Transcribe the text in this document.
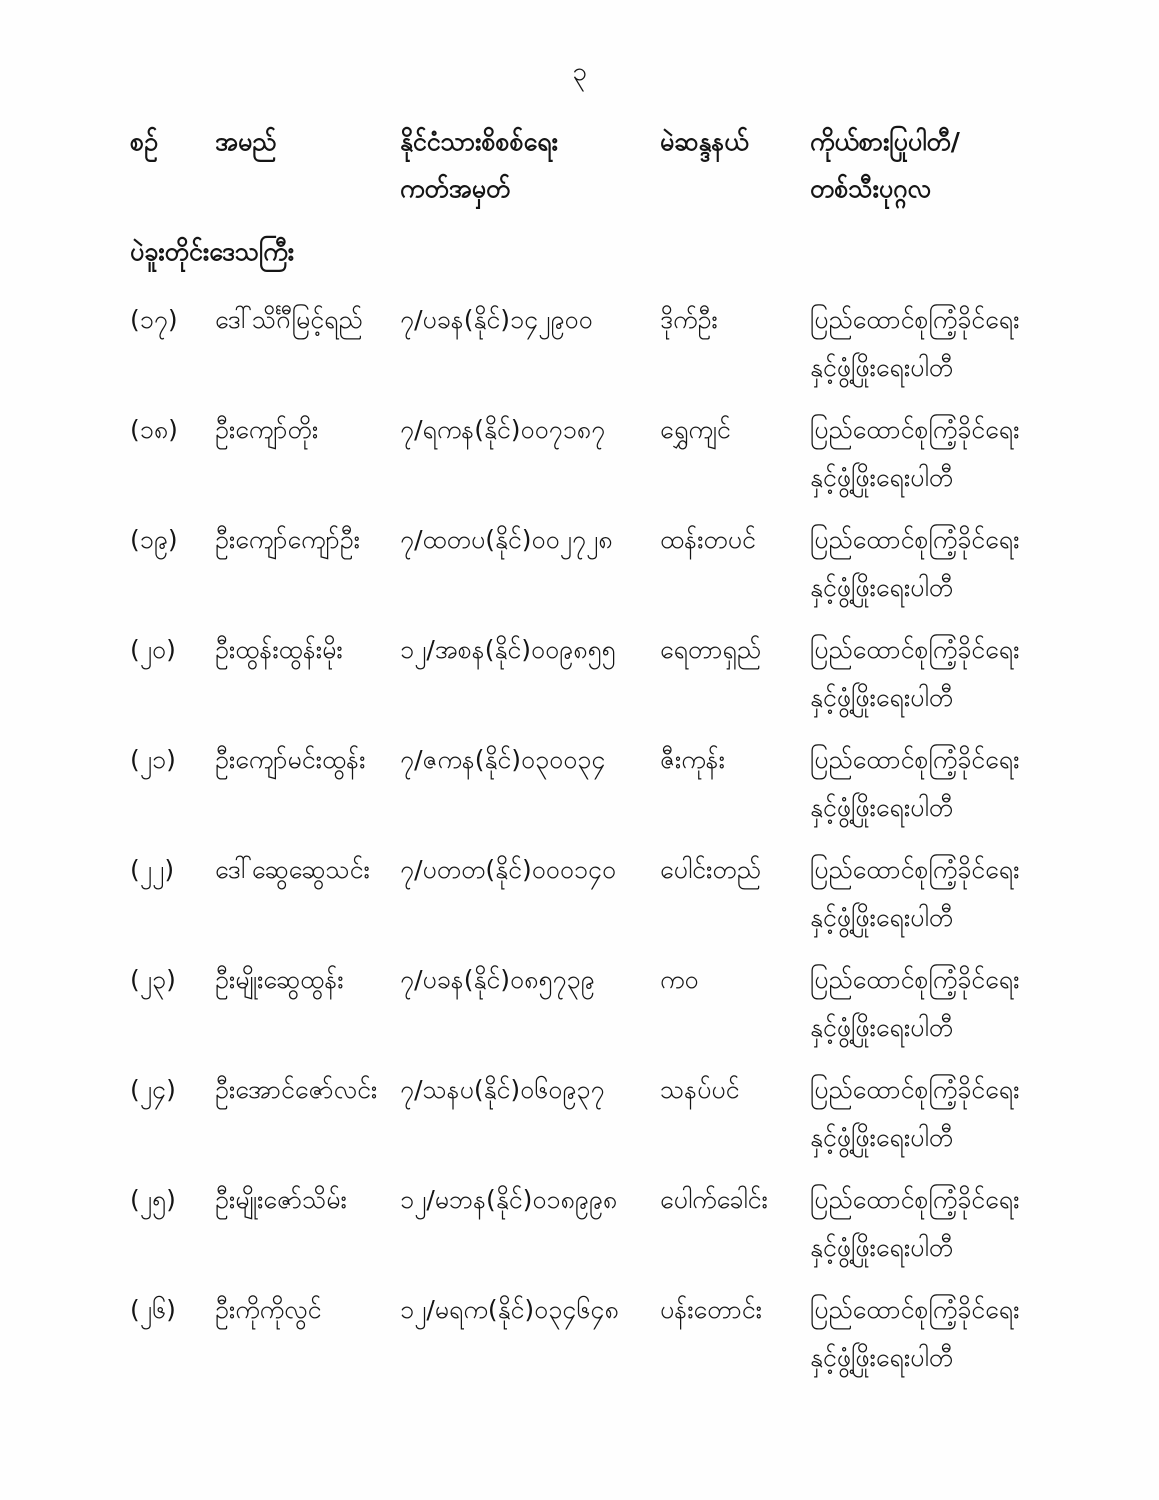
၃
စဉ်	အမည်	နိုင်ငံသားစိစစ်ရေး
ကတ်အမှတ်
မဲဆန္ဒနယ်	ကိုယ်စားပြုပါတီ/
တစ်သီးပုဂ္ဂလ
ပဲခူးတိုင်းဒေသကြီး
(၁၇)	ဒေါ်သိင်္ဂီမြင့်ရည်	၇/ပခန(နိုင်)၁၄၂၉၀၀	ဒိုက်ဦး	ပြည်ထောင်စုကြံ့ခိုင်ရေး
နှင့်ဖွံ့ဖြိုးရေးပါတီ
(၁၈)	ဦးကျော်တိုး	၇/ရကန(နိုင်)၀၀၇၁၈၇	ရွှေကျင်	ပြည်ထောင်စုကြံ့ခိုင်ရေး
နှင့်ဖွံ့ဖြိုးရေးပါတီ
(၁၉)	ဦးကျော်ကျော်ဦး	၇/ထတပ(နိုင်)၀၀၂၇၂၈	ထန်းတပင်	ပြည်ထောင်စုကြံ့ခိုင်ရေး
နှင့်ဖွံ့ဖြိုးရေးပါတီ
(၂၀)	ဦးထွန်းထွန်းမိုး	၁၂/အစန(နိုင်)၀၀၉၈၅၅	ရေတာရှည်	ပြည်ထောင်စုကြံ့ခိုင်ရေး
နှင့်ဖွံ့ဖြိုးရေးပါတီ
(၂၁)	ဦးကျော်မင်းထွန်း	၇/ဇကန(နိုင်)၀၃၀၀၃၄	ဇီးကုန်း	ပြည်ထောင်စုကြံ့ခိုင်ရေး
နှင့်ဖွံ့ဖြိုးရေးပါတီ
(၂၂)	ဒေါ်ဆွေဆွေသင်း	၇/ပတတ(နိုင်)၀၀၀၁၄၀	ပေါင်းတည်	ပြည်ထောင်စုကြံ့ခိုင်ရေး
နှင့်ဖွံ့ဖြိုးရေးပါတီ
(၂၃)	ဦးမျိုးဆွေထွန်း	၇/ပခန(နိုင်)၀၈၅၇၃၉	ကဝ	ပြည်ထောင်စုကြံ့ခိုင်ရေး
နှင့်ဖွံ့ဖြိုးရေးပါတီ
(၂၄)	ဦးအောင်ဇော်လင်း ၇/သနပ(နိုင်)၀၆၀၉၃၇	သနပ်ပင်	ပြည်ထောင်စုကြံ့ခိုင်ရေး
နှင့်ဖွံ့ဖြိုးရေးပါတီ
(၂၅)	ဦးမျိုးဇော်သိမ်း	၁၂/မဘန(နိုင်)၀၁၈၉၉၈	ပေါက်ခေါင်း	ပြည်ထောင်စုကြံ့ခိုင်ရေး
နှင့်ဖွံ့ဖြိုးရေးပါတီ
(၂၆)	ဦးကိုကိုလွင်	၁၂/မရက(နိုင်)၀၃၄၆၄၈	ပန်းတောင်း	ပြည်ထောင်စုကြံ့ခိုင်ရေး
နှင့်ဖွံ့ဖြိုးရေးပါတီ
